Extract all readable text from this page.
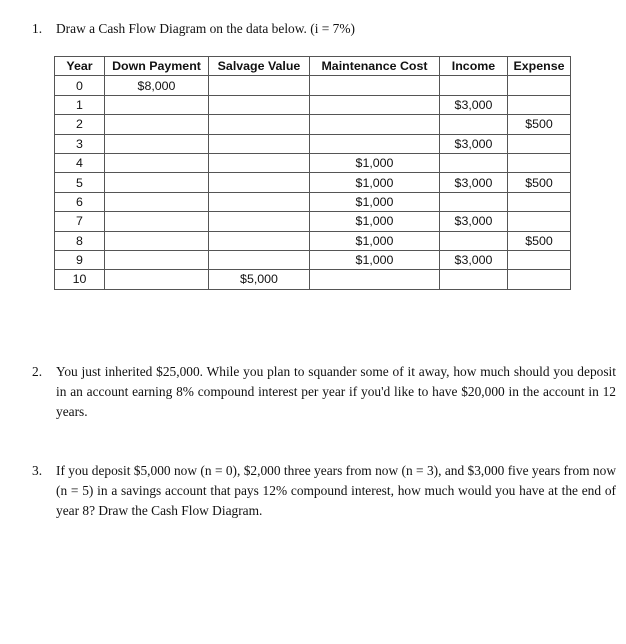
1. Draw a Cash Flow Diagram on the data below. (i = 7%)
Year	Down Payment	Salvage Value	Maintenance Cost	Income	Expense
0	$8,000				
1				$3,000	
2					$500
3				$3,000	
4			$1,000		
5			$1,000	$3,000	$500
6			$1,000		
7			$1,000	$3,000	
8			$1,000		$500
9			$1,000	$3,000	
10		$5,000			
2. You just inherited $25,000. While you plan to squander some of it away, how much should you deposit in an account earning 8% compound interest per year if you'd like to have $20,000 in the account in 12 years.
3. If you deposit $5,000 now (n = 0), $2,000 three years from now (n = 3), and $3,000 five years from now (n = 5) in a savings account that pays 12% compound interest, how much would you have at the end of year 8? Draw the Cash Flow Diagram.
